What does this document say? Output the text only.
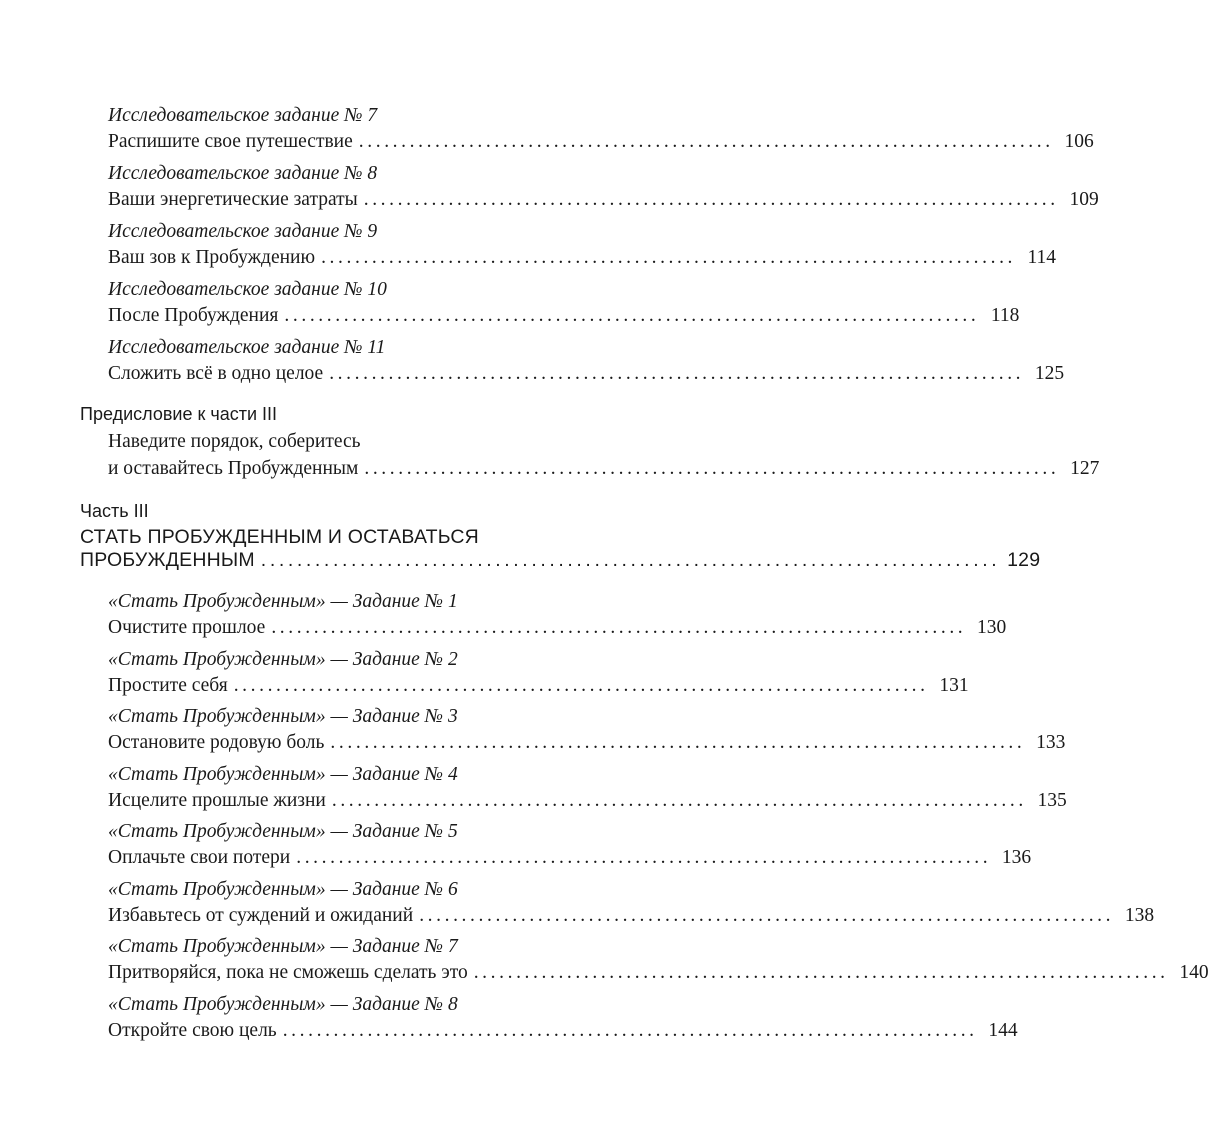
Исследовательское задание № 7
Распишите свое путешествие .................................................................................. 106
Исследовательское задание № 8
Ваши энергетические затраты .................................................................................. 109
Исследовательское задание № 9
Ваш зов к Пробуждению .................................................................................. 114
Исследовательское задание № 10
После Пробуждения .................................................................................. 118
Исследовательское задание № 11
Сложить всё в одно целое .................................................................................. 125
Предисловие к части III
Наведите порядок, соберитесь
и оставайтесь Пробужденным .................................................................................. 127
Часть III
СТАТЬ ПРОБУЖДЕННЫМ И ОСТАВАТЬСЯ
ПРОБУЖДЕННЫМ .................................................................................. 129
«Стать Пробужденным» — Задание № 1
Очистите прошлое .................................................................................. 130
«Стать Пробужденным» — Задание № 2
Простите себя .................................................................................. 131
«Стать Пробужденным» — Задание № 3
Остановите родовую боль .................................................................................. 133
«Стать Пробужденным» — Задание № 4
Исцелите прошлые жизни .................................................................................. 135
«Стать Пробужденным» — Задание № 5
Оплачьте свои потери .................................................................................. 136
«Стать Пробужденным» — Задание № 6
Избавьтесь от суждений и ожиданий .................................................................................. 138
«Стать Пробужденным» — Задание № 7
Притворяйся, пока не сможешь сделать это .................................................................................. 140
«Стать Пробужденным» — Задание № 8
Откройте свою цель .................................................................................. 144
